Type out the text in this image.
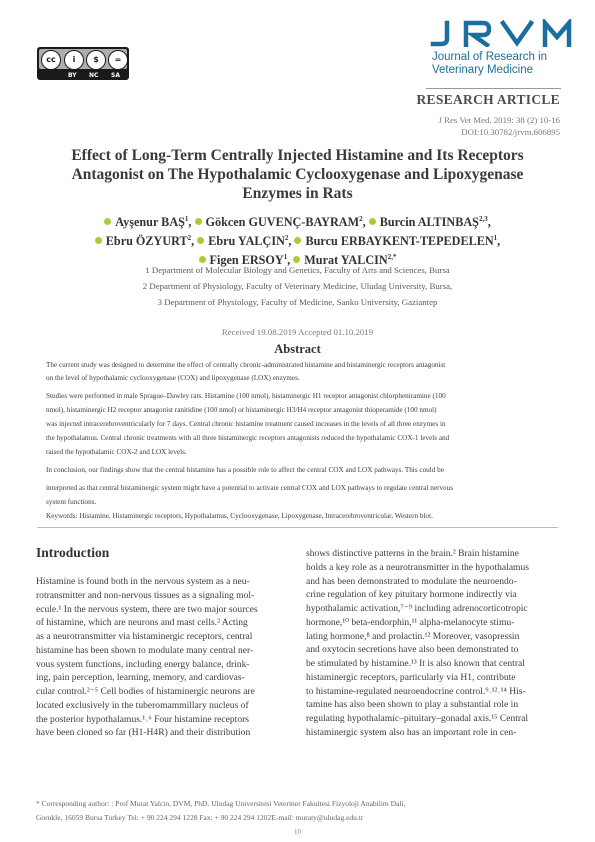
cc	i	$	=
BY NC SA
Journal of Research in
Veterinary Medicine
RESEARCH ARTICLE
J Res Vet Med. 2019: 38 (2) 10-16
DOI:10.30782/jrvm.606895
Effect of Long-Term Centrally Injected Histamine and Its Receptors Antagonist on The Hypothalamic Cyclooxygenase and Lipoxygenase Enzymes in Rats
Ayşenur BAŞ$^1$, Gökcen GUVENÇ-BAYRAM$^2$, Burcin ALTINBAŞ$^{2,3}$,
Ebru ÖZYURT$^2$, Ebru YALÇIN$^2$, Burcu ERBAYKENT-TEPEDELEN$^1$,
Figen ERSOY$^1$, Murat $YALCIN^{2,*}$
1 Department of Molecular Biology and Genetics, Faculty of Arts and Sciences, Bursa
2 Department of Physiology, Faculty of Veterinary Medicine, Uludag University, Bursa,
3 Department of Physiology, Faculty of Medicine, Sanko University, Gaziantep
Received 19.08.2019 Accepted 01.10.2019
Abstract
The current study was designed to determine the effect of centrally chronic-administrated histamine and histaminergic receptors antagonist
on the level of hypothalamic cyclooxygenase (COX) and lipoxygenase (LOX) enzymes.
Studies were performed in male Sprague–Dawley rats. Histamine (100 nmol), histaminergic H1 receptor antagonist chlorpheniramine (100
nmol), histaminergic H2 receptor antagonist ranitidine (100 nmol) or histaminergic H3/H4 receptor antagonist thioperamide (100 nmol)
was injected intracerebroventricularly for 7 days. Central chronic histamine treatment caused increases in the levels of all three enzymes in
the hypothalamus. Central chronic treatments with all three histaminergic receptors antagonists reduced the hypothalamic COX-1 levels and
raised the hypothalamic COX-2 and LOX levels.
In conclusion, our findings show that the central histamine has a possible role to affect the central COX and LOX pathways. This could be
interpreted as that central histaminergic system might have a potential to activate central COX and LOX pathways to regulate central nervous
system functions.
Keywords: Histamine, Histaminergic receptors, Hypothalamus, Cyclooxygenase, Lipoxygenase, Intracerebroventricular, Western blot.
Introduction
Histamine is found both in the nervous system as a neu-
rotransmitter and non-nervous tissues as a signaling mol-
ecule.¹ In the nervous system, there are two major sources
of histamine, which are neurons and mast cells.² Acting
as a neurotransmitter via histaminergic receptors, central
histamine has been shown to modulate many central ner-
vous system functions, including energy balance, drink-
ing, pain perception, learning, memory, and cardiovas-
cular control.²⁻⁵ Cell bodies of histaminergic neurons are
located exclusively in the tuberomammillary nucleus of
the posterior hypothalamus.¹˒⁶ Four histamine receptors
have been cloned so far (H1-H4R) and their distribution
shows distinctive patterns in the brain.² Brain histamine
holds a key role as a neurotransmitter in the hypothalamus
and has been demonstrated to modulate the neuroendo-
crine regulation of key pituitary hormone indirectly via
hypothalamic activation,⁷⁻⁹ including adrenocorticotropic
hormone,¹⁰ beta-endorphin,¹¹ alpha-melanocyte stimu-
lating hormone,⁸ and prolactin.¹² Moreover, vasopressin
and oxytocin secretions have also been demonstrated to
be stimulated by histamine.¹³ It is also known that central
histaminergic receptors, particularly via H1, contribute
to histamine-regulated neuroendocrine control.⁹˒¹²˒¹⁴ His-
tamine has also been shown to play a substantial role in
regulating hypothalamic–pituitary–gonadal axis.¹⁵ Central
histaminergic system also has an important role in cen-
* Corresponding author: : Prof Murat Yalcin, DVM, PhD. Uludag Universitesi Veteriner Fakultesi Fizyoloji Anabilim Dali,
Gorukle, 16059 Bursa Turkey Tel: + 90 224 294 1228 Fax: + 90 224 294 1202E-mail: muraty@uludag.edu.tr
10
